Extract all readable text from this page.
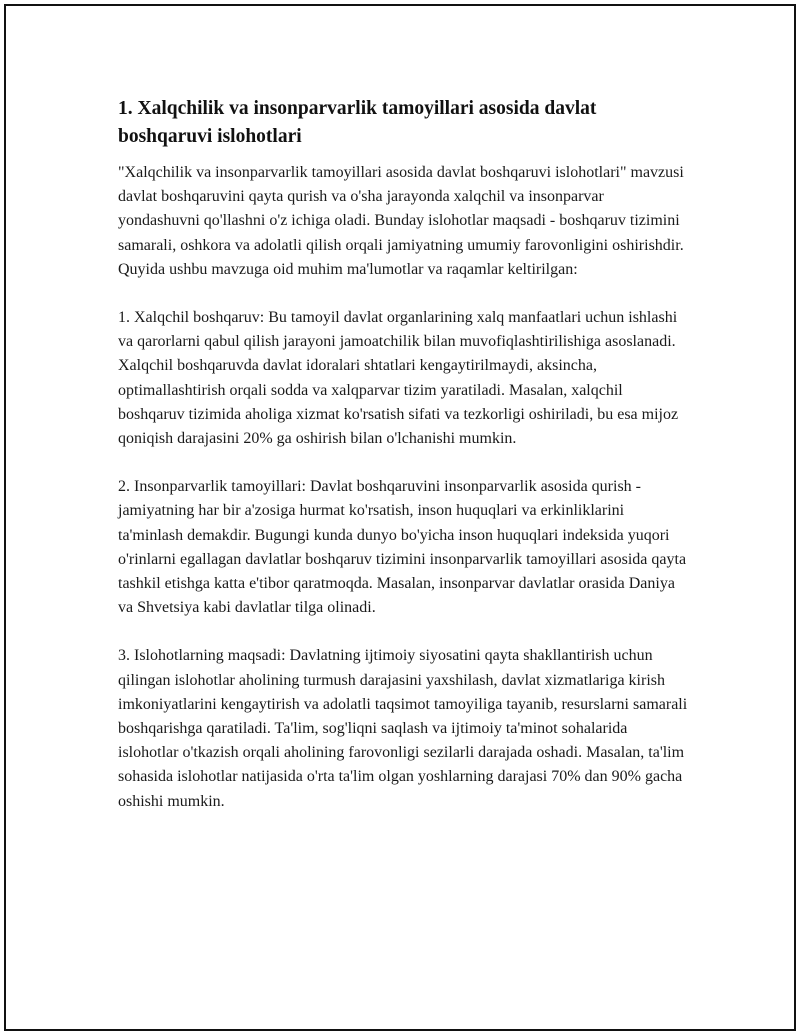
1. Xalqchilik va insonparvarlik tamoyillari asosida davlat boshqaruvi islohotlari

"Xalqchilik va insonparvarlik tamoyillari asosida davlat boshqaruvi islohotlari" mavzusi davlat boshqaruvini qayta qurish va o'sha jarayonda xalqchil va insonparvar yondashuvni qo'llashni o'z ichiga oladi. Bunday islohotlar maqsadi - boshqaruv tizimini samarali, oshkora va adolatli qilish orqali jamiyatning umumiy farovonligini oshirishdir. Quyida ushbu mavzuga oid muhim ma'lumotlar va raqamlar keltirilgan:

1. Xalqchil boshqaruv: Bu tamoyil davlat organlarining xalq manfaatlari uchun ishlashi va qarorlarni qabul qilish jarayoni jamoatchilik bilan muvofiqlashtirilishiga asoslanadi. Xalqchil boshqaruvda davlat idoralari shtatlari kengaytirilmaydi, aksincha, optimallashtirish orqali sodda va xalqparvar tizim yaratiladi. Masalan, xalqchil boshqaruv tizimida aholiga xizmat ko'rsatish sifati va tezkorligi oshiriladi, bu esa mijoz qoniqish darajasini 20% ga oshirish bilan o'lchanishi mumkin.

2. Insonparvarlik tamoyillari: Davlat boshqaruvini insonparvarlik asosida qurish - jamiyatning har bir a'zosiga hurmat ko'rsatish, inson huquqlari va erkinliklarini ta'minlash demakdir. Bugungi kunda dunyo bo'yicha inson huquqlari indeksida yuqori o'rinlarni egallagan davlatlar boshqaruv tizimini insonparvarlik tamoyillari asosida qayta tashkil etishga katta e'tibor qaratmoqda. Masalan, insonparvar davlatlar orasida Daniya va Shvetsiya kabi davlatlar tilga olinadi.

3. Islohotlarning maqsadi: Davlatning ijtimoiy siyosatini qayta shakllantirish uchun qilingan islohotlar aholining turmush darajasini yaxshilash, davlat xizmatlariga kirish imkoniyatlarini kengaytirish va adolatli taqsimot tamoyiliga tayanib, resurslarni samarali boshqarishga qaratiladi. Ta'lim, sog'liqni saqlash va ijtimoiy ta'minot sohalarida islohotlar o'tkazish orqali aholining farovonligi sezilarli darajada oshadi. Masalan, ta'lim sohasida islohotlar natijasida o'rta ta'lim olgan yoshlarning darajasi 70% dan 90% gacha oshishi mumkin.
